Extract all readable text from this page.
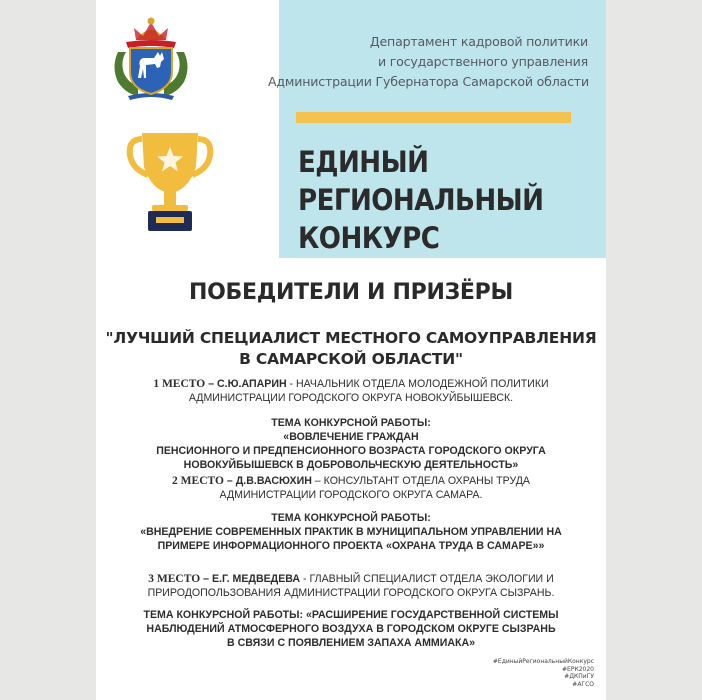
Департамент кадровой политики
и государственного управления
Администрации Губернатора Самарской области
ЕДИНЫЙ
РЕГИОНАЛЬНЫЙ
КОНКУРС
ПОБЕДИТЕЛИ И ПРИЗЁРЫ
"ЛУЧШИЙ СПЕЦИАЛИСТ МЕСТНОГО САМОУПРАВЛЕНИЯ
В САМАРСКОЙ ОБЛАСТИ"
1 МЕСТО – С.Ю.АПАРИН - НАЧАЛЬНИК ОТДЕЛА МОЛОДЕЖНОЙ ПОЛИТИКИ
АДМИНИСТРАЦИИ ГОРОДСКОГО ОКРУГА НОВОКУЙБЫШЕВСК.
ТЕМА КОНКУРСНОЙ РАБОТЫ:
«ВОВЛЕЧЕНИЕ ГРАЖДАН
ПЕНСИОННОГО И ПРЕДПЕНСИОННОГО ВОЗРАСТА ГОРОДСКОГО ОКРУГА
НОВОКУЙБЫШЕВСК В ДОБРОВОЛЬЧЕСКУЮ ДЕЯТЕЛЬНОСТЬ»
2 МЕСТО – Д.В.ВАСЮХИН – КОНСУЛЬТАНТ ОТДЕЛА ОХРАНЫ ТРУДА
АДМИНИСТРАЦИИ ГОРОДСКОГО ОКРУГА САМАРА.
ТЕМА КОНКУРСНОЙ РАБОТЫ:
«ВНЕДРЕНИЕ СОВРЕМЕННЫХ ПРАКТИК В МУНИЦИПАЛЬНОМ УПРАВЛЕНИИ НА
ПРИМЕРЕ ИНФОРМАЦИОННОГО ПРОЕКТА «ОХРАНА ТРУДА В САМАРЕ»»
3 МЕСТО – Е.Г. МЕДВЕДЕВА - ГЛАВНЫЙ СПЕЦИАЛИСТ ОТДЕЛА ЭКОЛОГИИ И
ПРИРОДОПОЛЬЗОВАНИЯ АДМИНИСТРАЦИИ ГОРОДСКОГО ОКРУГА СЫЗРАНЬ.
ТЕМА КОНКУРСНОЙ РАБОТЫ: «РАСШИРЕНИЕ ГОСУДАРСТВЕННОЙ СИСТЕМЫ
НАБЛЮДЕНИЙ АТМОСФЕРНОГО ВОЗДУХА В ГОРОДСКОМ ОКРУГЕ СЫЗРАНЬ
В СВЯЗИ С ПОЯВЛЕНИЕМ ЗАПАХА АММИАКА»
#ЕдиныйРегиональныйКонкурс
#ЕРК2020
#ДКПиГУ
#АГСО
